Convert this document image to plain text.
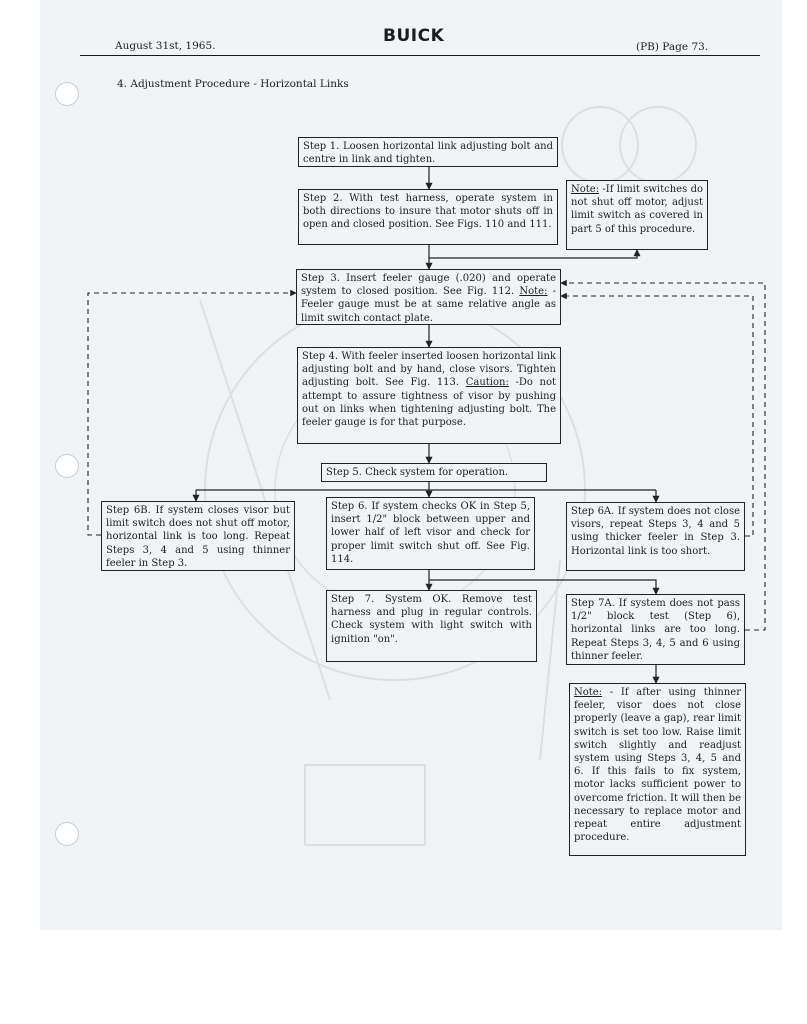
August 31st, 1965.	BUICK
(PB) Page 73.
4. Adjustment Procedure - Horizontal Links
Step 1. Loosen horizontal link adjusting bolt and centre in link and tighten.
Step 2. With test harness, operate system in both directions to insure that motor shuts off in open and closed position. See Figs. 110 and 111.
Note: -If limit switches do not shut off motor, adjust limit switch as covered in part 5 of this procedure.
Step 3. Insert feeler gauge (.020) and operate system to closed position. See Fig. 112. Note: -Feeler gauge must be at same relative angle as limit switch contact plate.
Step 4. With feeler inserted loosen horizontal link adjusting bolt and by hand, close visors. Tighten adjusting bolt. See Fig. 113. Caution: -Do not attempt to assure tightness of visor by pushing out on links when tightening adjusting bolt. The feeler gauge is for that purpose.
Step 5. Check system for operation.
Step 6B. If system closes visor but limit switch does not shut off motor, horizontal link is too long. Repeat Steps 3, 4 and 5 using thinner feeler in Step 3.
Step 6. If system checks OK in Step 5, insert 1/2" block between upper and lower half of left visor and check for proper limit switch shut off. See Fig. 114.
Step 6A. If system does not close visors, repeat Steps 3, 4 and 5 using thicker feeler in Step 3. Horizontal link is too short.
Step 7. System OK. Remove test harness and plug in regular controls. Check system with light switch with ignition "on".
Step 7A. If system does not pass 1/2" block test (Step 6), horizontal links are too long. Repeat Steps 3, 4, 5 and 6 using thinner feeler.
Note: - If after using thinner feeler, visor does not close properly (leave a gap), rear limit switch is set too low. Raise limit switch slightly and readjust system using Steps 3, 4, 5 and 6. If this fails to fix system, motor lacks sufficient power to overcome friction. It will then be necessary to replace motor and repeat entire adjustment procedure.
